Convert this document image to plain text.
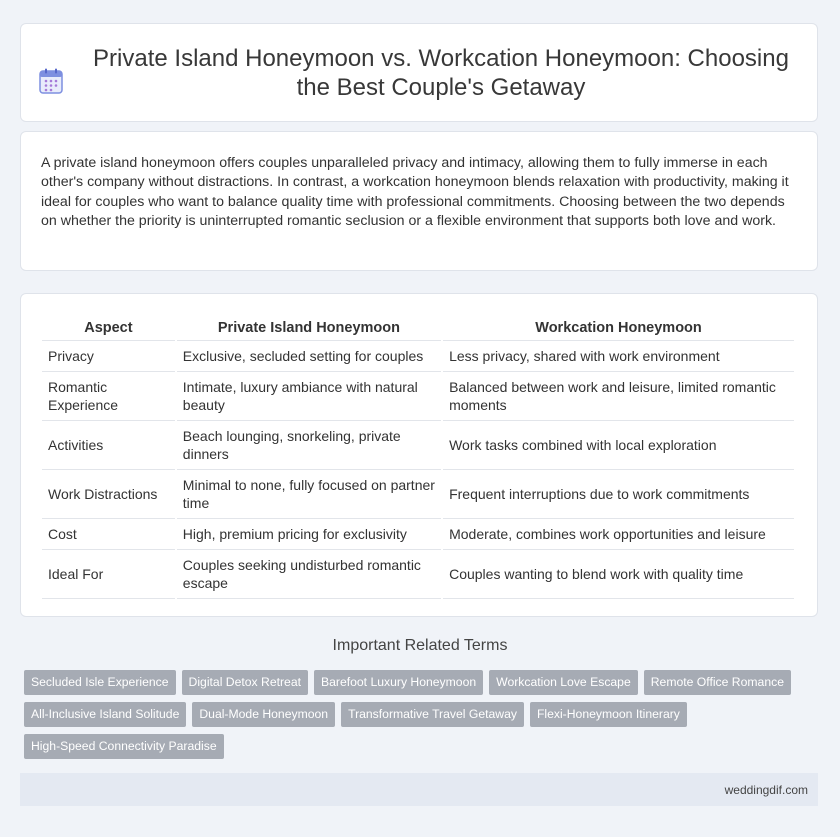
Private Island Honeymoon vs. Workcation Honeymoon: Choosing the Best Couple's Getaway

A private island honeymoon offers couples unparalleled privacy and intimacy, allowing them to fully immerse in each other's company without distractions. In contrast, a workcation honeymoon blends relaxation with productivity, making it ideal for couples who want to balance quality time with professional commitments. Choosing between the two depends on whether the priority is uninterrupted romantic seclusion or a flexible environment that supports both love and work.

Aspect	Private Island Honeymoon	Workcation Honeymoon
Privacy	Exclusive, secluded setting for couples	Less privacy, shared with work environment
Romantic Experience	Intimate, luxury ambiance with natural beauty	Balanced between work and leisure, limited romantic moments
Activities	Beach lounging, snorkeling, private dinners	Work tasks combined with local exploration
Work Distractions	Minimal to none, fully focused on partner time	Frequent interruptions due to work commitments
Cost	High, premium pricing for exclusivity	Moderate, combines work opportunities and leisure
Ideal For	Couples seeking undisturbed romantic escape	Couples wanting to blend work with quality time
Important Related Terms
Secluded Isle Experience	Digital Detox Retreat	Barefoot Luxury Honeymoon	Workcation Love Escape	Remote Office Romance
All-Inclusive Island Solitude	Dual-Mode Honeymoon	Transformative Travel Getaway	Flexi-Honeymoon Itinerary
High-Speed Connectivity Paradise
weddingdif.com
